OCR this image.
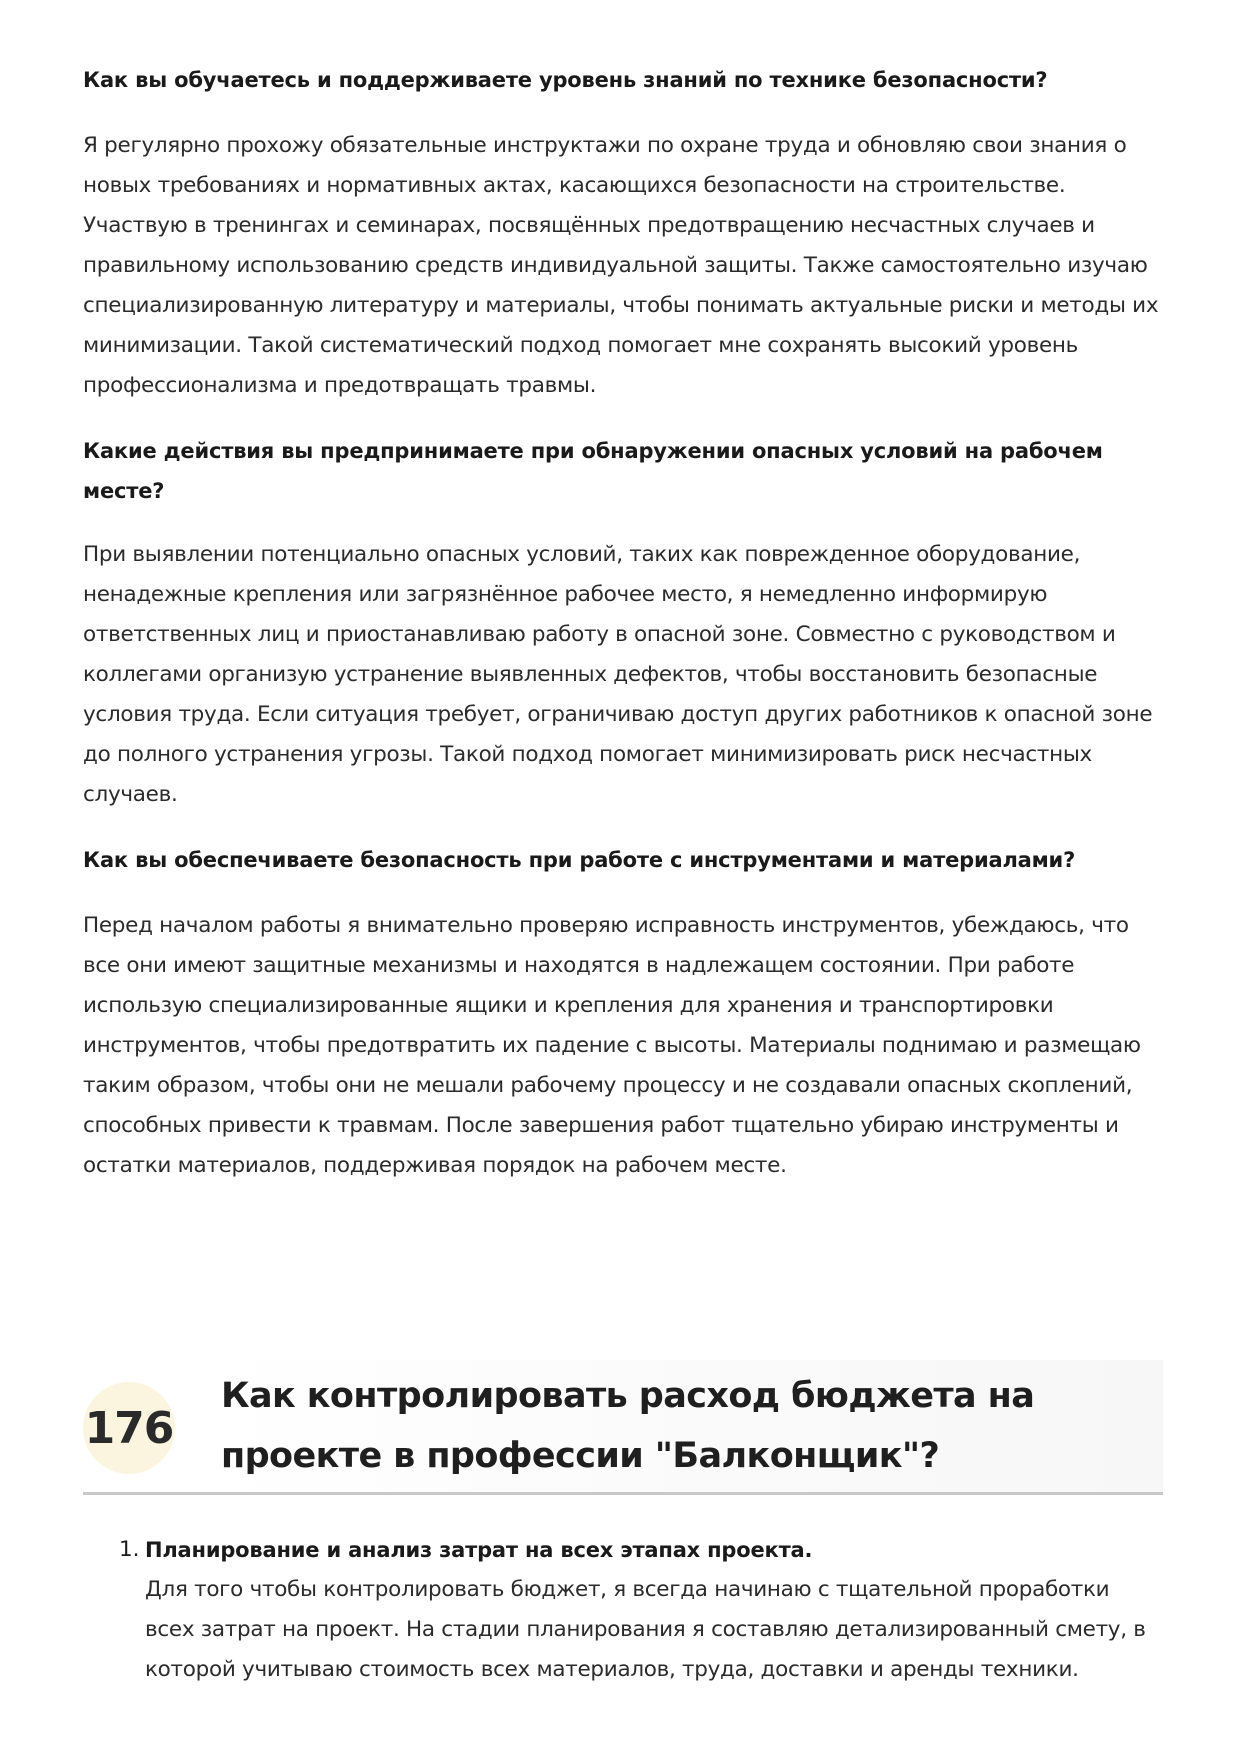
Как вы обучаетесь и поддерживаете уровень знаний по технике безопасности?

Я регулярно прохожу обязательные инструктажи по охране труда и обновляю свои знания о новых требованиях и нормативных актах, касающихся безопасности на строительстве. Участвую в тренингах и семинарах, посвящённых предотвращению несчастных случаев и правильному использованию средств индивидуальной защиты. Также самостоятельно изучаю специализированную литературу и материалы, чтобы понимать актуальные риски и методы их минимизации. Такой систематический подход помогает мне сохранять высокий уровень профессионализма и предотвращать травмы.

Какие действия вы предпринимаете при обнаружении опасных условий на рабочем месте?

При выявлении потенциально опасных условий, таких как поврежденное оборудование, ненадежные крепления или загрязнённое рабочее место, я немедленно информирую ответственных лиц и приостанавливаю работу в опасной зоне. Совместно с руководством и коллегами организую устранение выявленных дефектов, чтобы восстановить безопасные условия труда. Если ситуация требует, ограничиваю доступ других работников к опасной зоне до полного устранения угрозы. Такой подход помогает минимизировать риск несчастных случаев.

Как вы обеспечиваете безопасность при работе с инструментами и материалами?

Перед началом работы я внимательно проверяю исправность инструментов, убеждаюсь, что все они имеют защитные механизмы и находятся в надлежащем состоянии. При работе использую специализированные ящики и крепления для хранения и транспортировки инструментов, чтобы предотвратить их падение с высоты. Материалы поднимаю и размещаю таким образом, чтобы они не мешали рабочему процессу и не создавали опасных скоплений, способных привести к травмам. После завершения работ тщательно убираю инструменты и остатки материалов, поддерживая порядок на рабочем месте.

176
Как контролировать расход бюджета на проекте в профессии "Балконщик"?
1. Планирование и анализ затрат на всех этапах проекта.
Для того чтобы контролировать бюджет, я всегда начинаю с тщательной проработки всех затрат на проект. На стадии планирования я составляю детализированный смету, в которой учитываю стоимость всех материалов, труда, доставки и аренды техники.
